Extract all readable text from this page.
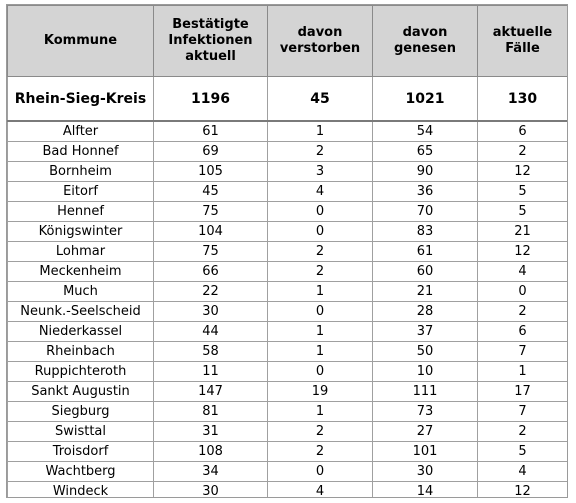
Kommune	Bestätigte Infektionen aktuell	davon verstorben	davon genesen	aktuelle Fälle
Rhein-Sieg-Kreis	1196	45	1021	130
Alfter	61	1	54	6
Bad Honnef	69	2	65	2
Bornheim	105	3	90	12
Eitorf	45	4	36	5
Hennef	75	0	70	5
Königswinter	104	0	83	21
Lohmar	75	2	61	12
Meckenheim	66	2	60	4
Much	22	1	21	0
Neunk.-Seelscheid	30	0	28	2
Niederkassel	44	1	37	6
Rheinbach	58	1	50	7
Ruppichteroth	11	0	10	1
Sankt Augustin	147	19	111	17
Siegburg	81	1	73	7
Swisttal	31	2	27	2
Troisdorf	108	2	101	5
Wachtberg	34	0	30	4
Windeck	30	4	14	12
